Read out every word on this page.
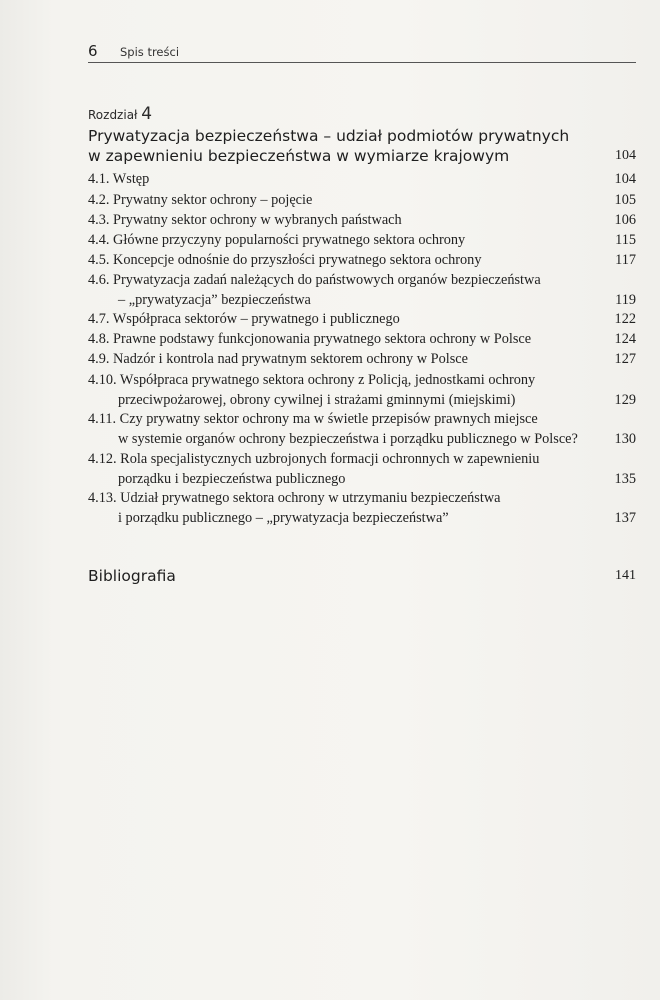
6 Spis treści
Rozdział 4
Prywatyzacja bezpieczeństwa – udział podmiotów prywatnych
w zapewnieniu bezpieczeństwa w wymiarze krajowym	104
4.1. Wstęp	104
4.2. Prywatny sektor ochrony – pojęcie	105
4.3. Prywatny sektor ochrony w wybranych państwach	106
4.4. Główne przyczyny popularności prywatnego sektora ochrony	115
4.5. Koncepcje odnośnie do przyszłości prywatnego sektora ochrony	117
4.6. Prywatyzacja zadań należących do państwowych organów bezpieczeństwa
– „prywatyzacja” bezpieczeństwa	119
4.7. Współpraca sektorów – prywatnego i publicznego	122
4.8. Prawne podstawy funkcjonowania prywatnego sektora ochrony w Polsce	124
4.9. Nadzór i kontrola nad prywatnym sektorem ochrony w Polsce	127
4.10. Współpraca prywatnego sektora ochrony z Policją, jednostkami ochrony
przeciwpożarowej, obrony cywilnej i strażami gminnymi (miejskimi)	129
4.11. Czy prywatny sektor ochrony ma w świetle przepisów prawnych miejsce
w systemie organów ochrony bezpieczeństwa i porządku publicznego w Polsce?	130
4.12. Rola specjalistycznych uzbrojonych formacji ochronnych w zapewnieniu
porządku i bezpieczeństwa publicznego	135
4.13. Udział prywatnego sektora ochrony w utrzymaniu bezpieczeństwa
i porządku publicznego – „prywatyzacja bezpieczeństwa”	137
Bibliografia	141
